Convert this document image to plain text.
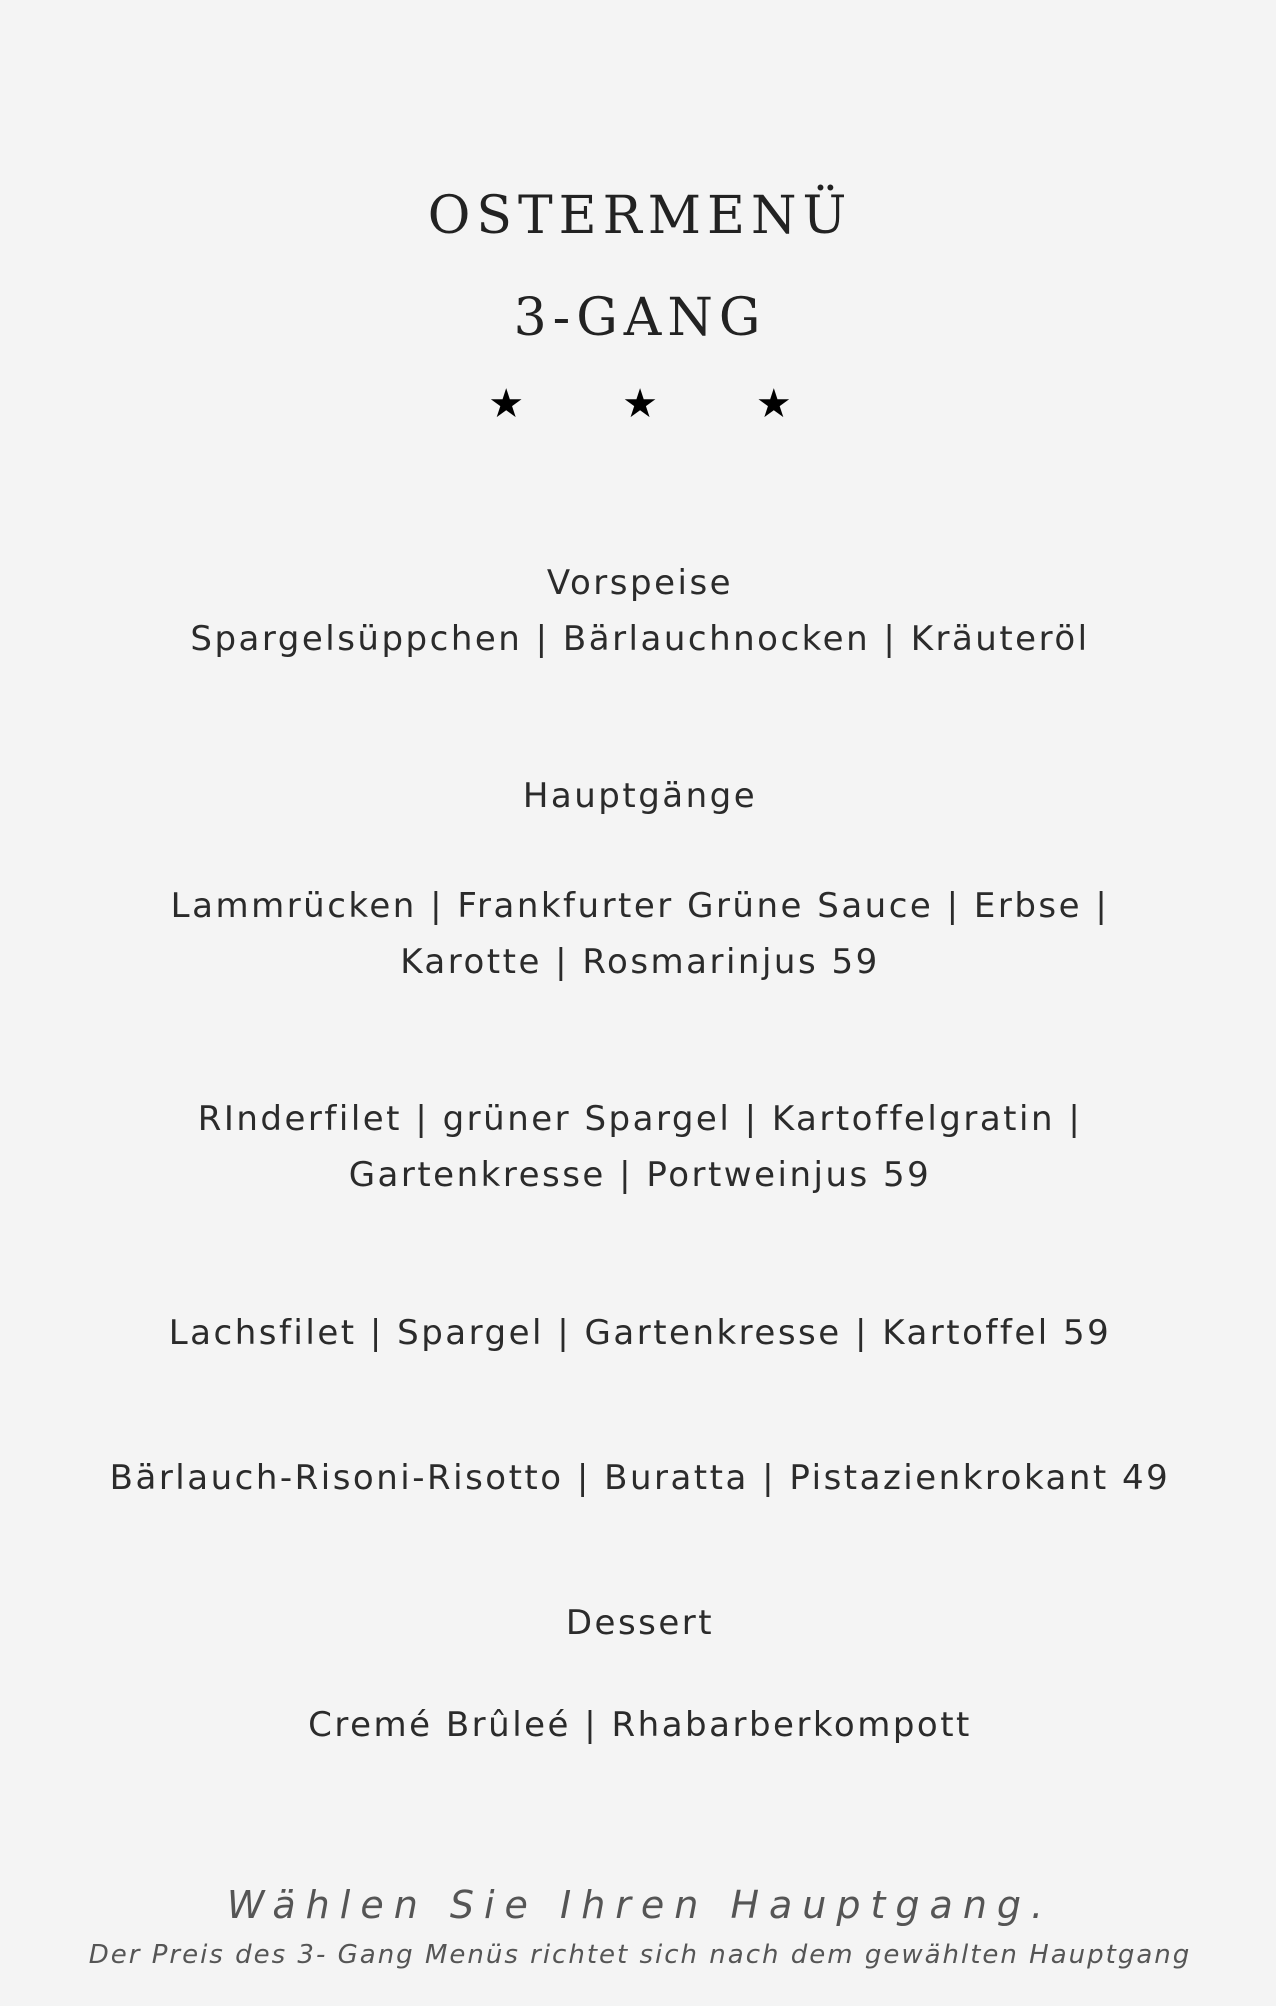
OSTERMENÜ
3-GANG
★ ★ ★
Vorspeise
Spargelsüppchen | Bärlauchnocken | Kräuteröl
Hauptgänge
Lammrücken | Frankfurter Grüne Sauce | Erbse |
Karotte | Rosmarinjus 59
RInderfilet | grüner Spargel | Kartoffelgratin |
Gartenkresse | Portweinjus 59
Lachsfilet | Spargel | Gartenkresse | Kartoffel 59
Bärlauch-Risoni-Risotto | Buratta | Pistazienkrokant 49
Dessert
Cremé Brûleé | Rhabarberkompott
Wählen Sie Ihren Hauptgang.
Der Preis des 3- Gang Menüs richtet sich nach dem gewählten Hauptgang
